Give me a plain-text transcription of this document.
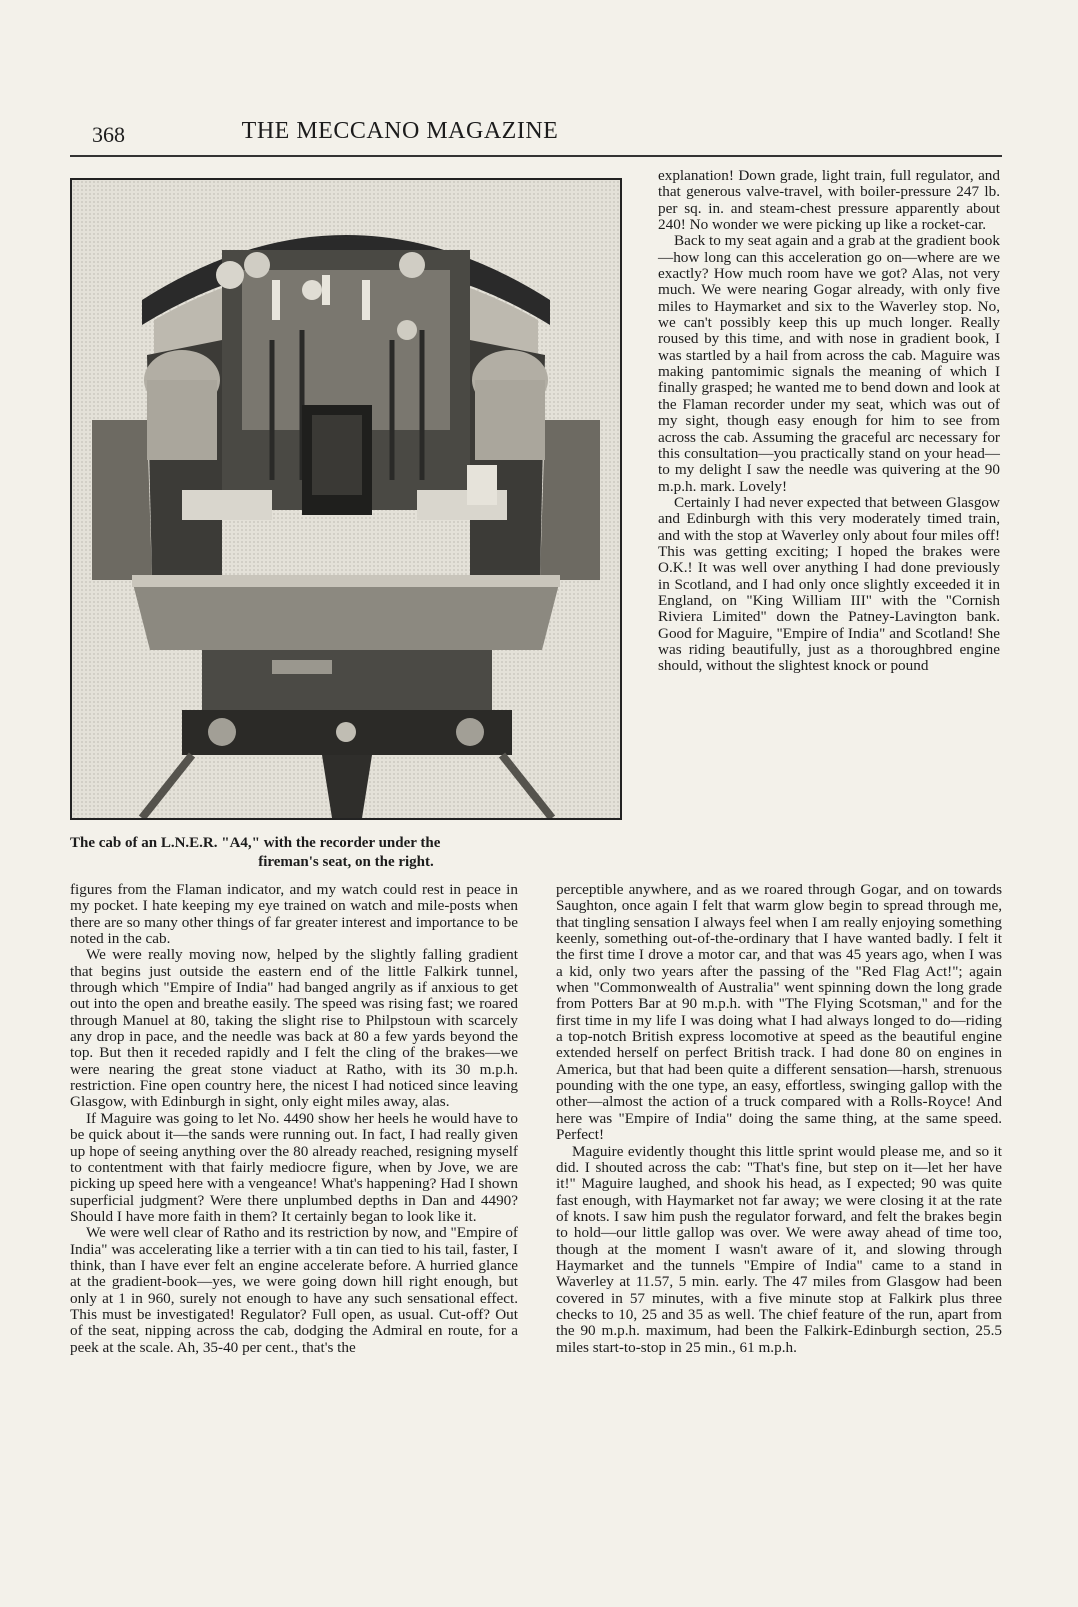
368	THE MECCANO MAGAZINE
The cab of an L.N.E.R. "A4," with the recorder under the
fireman's seat, on the right.

explanation! Down grade, light train, full regulator, and that generous valve-travel, with boiler-pressure 247 lb. per sq. in. and steam-chest pressure apparently about 240! No wonder we were picking up like a rocket-car.

Back to my seat again and a grab at the gradient book—how long can this acceleration go on—where are we exactly? How much room have we got? Alas, not very much. We were nearing Gogar already, with only five miles to Haymarket and six to the Waverley stop. No, we can't possibly keep this up much longer. Really roused by this time, and with nose in gradient book, I was startled by a hail from across the cab. Maguire was making pantomimic signals the meaning of which I finally grasped; he wanted me to bend down and look at the Flaman recorder under my seat, which was out of my sight, though easy enough for him to see from across the cab. Assuming the graceful arc necessary for this consultation—you practically stand on your head—to my delight I saw the needle was quivering at the 90 m.p.h. mark. Lovely!

Certainly I had never expected that between Glasgow and Edinburgh with this very moderately timed train, and with the stop at Waverley only about four miles off! This was getting exciting; I hoped the brakes were O.K.! It was well over anything I had done previously in Scotland, and I had only once slightly exceeded it in England, on "King William III" with the "Cornish Riviera Limited" down the Patney-Lavington bank. Good for Maguire, "Empire of India" and Scotland! She was riding beautifully, just as a thoroughbred engine should, without the slightest knock or pound

figures from the Flaman indicator, and my watch could rest in peace in my pocket. I hate keeping my eye trained on watch and mile-posts when there are so many other things of far greater interest and importance to be noted in the cab.

We were really moving now, helped by the slightly falling gradient that begins just outside the eastern end of the little Falkirk tunnel, through which "Empire of India" had banged angrily as if anxious to get out into the open and breathe easily. The speed was rising fast; we roared through Manuel at 80, taking the slight rise to Philpstoun with scarcely any drop in pace, and the needle was back at 80 a few yards beyond the top. But then it receded rapidly and I felt the cling of the brakes—we were nearing the great stone viaduct at Ratho, with its 30 m.p.h. restriction. Fine open country here, the nicest I had noticed since leaving Glasgow, with Edinburgh in sight, only eight miles away, alas.

If Maguire was going to let No. 4490 show her heels he would have to be quick about it—the sands were running out. In fact, I had really given up hope of seeing anything over the 80 already reached, resigning myself to contentment with that fairly mediocre figure, when by Jove, we are picking up speed here with a vengeance! What's happening? Had I shown superficial judgment? Were there unplumbed depths in Dan and 4490? Should I have more faith in them? It certainly began to look like it.

We were well clear of Ratho and its restriction by now, and "Empire of India" was accelerating like a terrier with a tin can tied to his tail, faster, I think, than I have ever felt an engine accelerate before. A hurried glance at the gradient-book—yes, we were going down hill right enough, but only at 1 in 960, surely not enough to have any such sensational effect. This must be investigated! Regulator? Full open, as usual. Cut-off? Out of the seat, nipping across the cab, dodging the Admiral en route, for a peek at the scale. Ah, 35-40 per cent., that's the

perceptible anywhere, and as we roared through Gogar, and on towards Saughton, once again I felt that warm glow begin to spread through me, that tingling sensation I always feel when I am really enjoying something keenly, something out-of-the-ordinary that I have wanted badly. I felt it the first time I drove a motor car, and that was 45 years ago, when I was a kid, only two years after the passing of the "Red Flag Act!"; again when "Commonwealth of Australia" went spinning down the long grade from Potters Bar at 90 m.p.h. with "The Flying Scotsman," and for the first time in my life I was doing what I had always longed to do—riding a top-notch British express locomotive at speed as the beautiful engine extended herself on perfect British track. I had done 80 on engines in America, but that had been quite a different sensation—harsh, strenuous pounding with the one type, an easy, effortless, swinging gallop with the other—almost the action of a truck compared with a Rolls-Royce! And here was "Empire of India" doing the same thing, at the same speed. Perfect!

Maguire evidently thought this little sprint would please me, and so it did. I shouted across the cab: "That's fine, but step on it—let her have it!" Maguire laughed, and shook his head, as I expected; 90 was quite fast enough, with Haymarket not far away; we were closing it at the rate of knots. I saw him push the regulator forward, and felt the brakes begin to hold—our little gallop was over. We were away ahead of time too, though at the moment I wasn't aware of it, and slowing through Haymarket and the tunnels "Empire of India" came to a stand in Waverley at 11.57, 5 min. early. The 47 miles from Glasgow had been covered in 57 minutes, with a five minute stop at Falkirk plus three checks to 10, 25 and 35 as well. The chief feature of the run, apart from the 90 m.p.h. maximum, had been the Falkirk-Edinburgh section, 25.5 miles start-to-stop in 25 min., 61 m.p.h.
